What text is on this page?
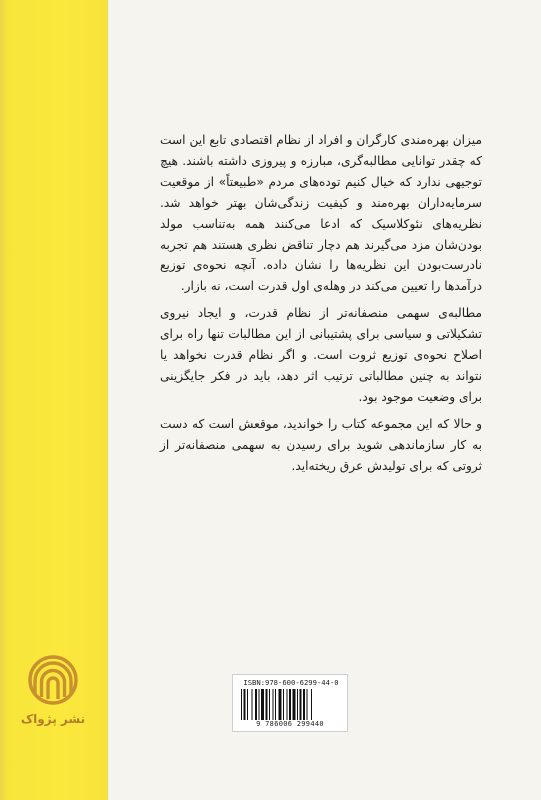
میزان بهره‌مندی کارگران و افراد از نظام اقتصادی تابع این است که چقدر توانایی مطالبه‌گری، مبارزه و پیروزی داشته باشند. هیچ توجیهی ندارد که خیال کنیم توده‌های مردم «طبیعتاً» از موقعیت سرمایه‌داران بهره‌مند و کیفیت زندگی‌شان بهتر خواهد شد. نظریه‌های نئوکلاسیک که ادعا می‌کنند همه به‌تناسب مولد بودن‌شان مزد می‌گیرند هم دچار تناقض نظری هستند هم تجربه نادرست‌بودن این نظریه‌ها را نشان داده. آنچه نحوه‌ی توزیع درآمدها را تعیین می‌کند در وهله‌ی اول قدرت است، نه بازار.

مطالبه‌ی سهمی منصفانه‌تر از نظام قدرت، و ایجاد نیروی تشکیلاتی و سیاسی برای پشتیبانی از این مطالبات تنها راه برای اصلاح نحوه‌ی توزیع ثروت است. و اگر نظام قدرت نخواهد یا نتواند به چنین مطالباتی ترتیب اثر دهد، باید در فکر جایگزینی برای وضعیت موجود بود.

و حالا که این مجموعه کتاب را خواندید، موقعش است که دست به کار سازماندهی شوید برای رسیدن به سهمی منصفانه‌تر از ثروتی که برای تولیدش عرق ریخته‌اید.

نشر پژواک
ISBN:978-600-6299-44-0
9 786006 299440
